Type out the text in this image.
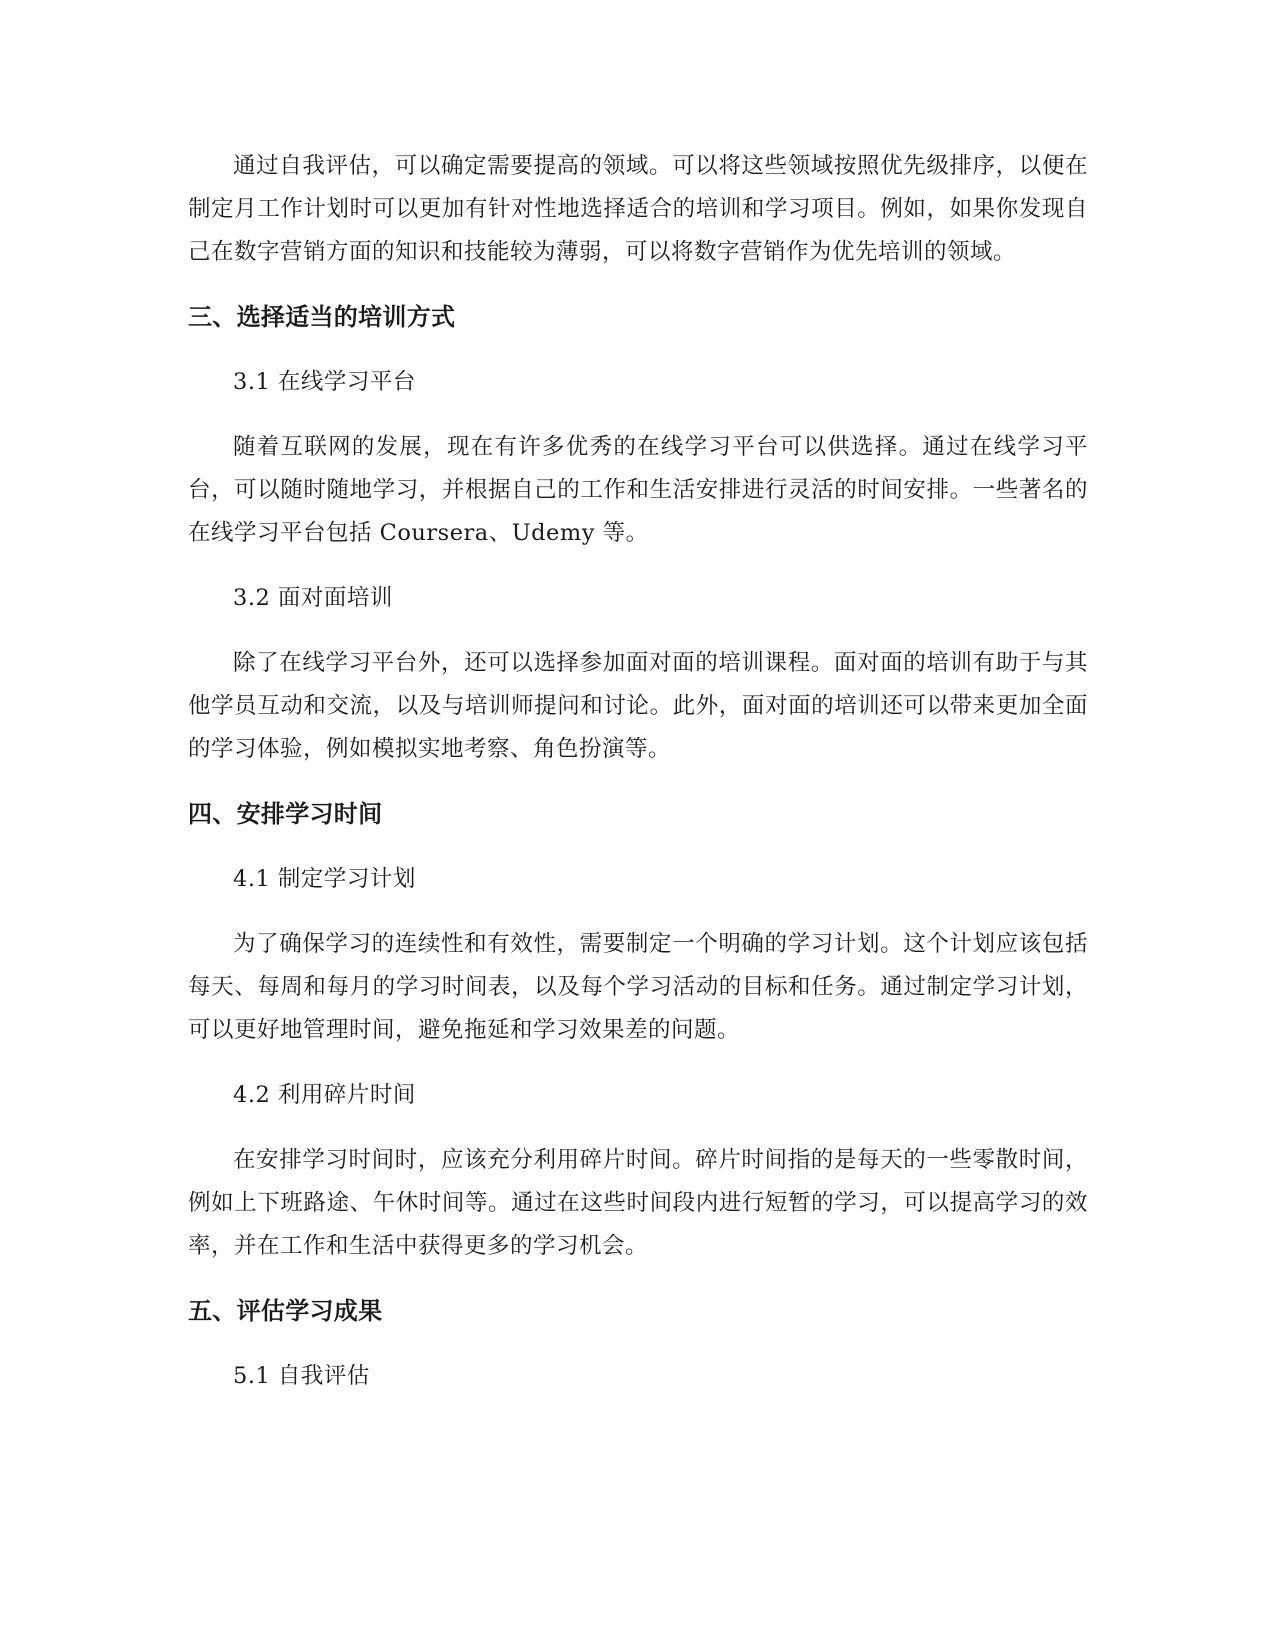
通过自我评估，可以确定需要提高的领域。可以将这些领域按照优先级排序，以便在制定月工作计划时可以更加有针对性地选择适合的培训和学习项目。例如，如果你发现自己在数字营销方面的知识和技能较为薄弱，可以将数字营销作为优先培训的领域。

三、选择适当的培训方式

3.1 在线学习平台

随着互联网的发展，现在有许多优秀的在线学习平台可以供选择。通过在线学习平台，可以随时随地学习，并根据自己的工作和生活安排进行灵活的时间安排。一些著名的在线学习平台包括 Coursera、Udemy 等。

3.2 面对面培训

除了在线学习平台外，还可以选择参加面对面的培训课程。面对面的培训有助于与其他学员互动和交流，以及与培训师提问和讨论。此外，面对面的培训还可以带来更加全面的学习体验，例如模拟实地考察、角色扮演等。

四、安排学习时间

4.1 制定学习计划

为了确保学习的连续性和有效性，需要制定一个明确的学习计划。这个计划应该包括每天、每周和每月的学习时间表，以及每个学习活动的目标和任务。通过制定学习计划，可以更好地管理时间，避免拖延和学习效果差的问题。

4.2 利用碎片时间

在安排学习时间时，应该充分利用碎片时间。碎片时间指的是每天的一些零散时间，例如上下班路途、午休时间等。通过在这些时间段内进行短暂的学习，可以提高学习的效率，并在工作和生活中获得更多的学习机会。

五、评估学习成果

5.1 自我评估
